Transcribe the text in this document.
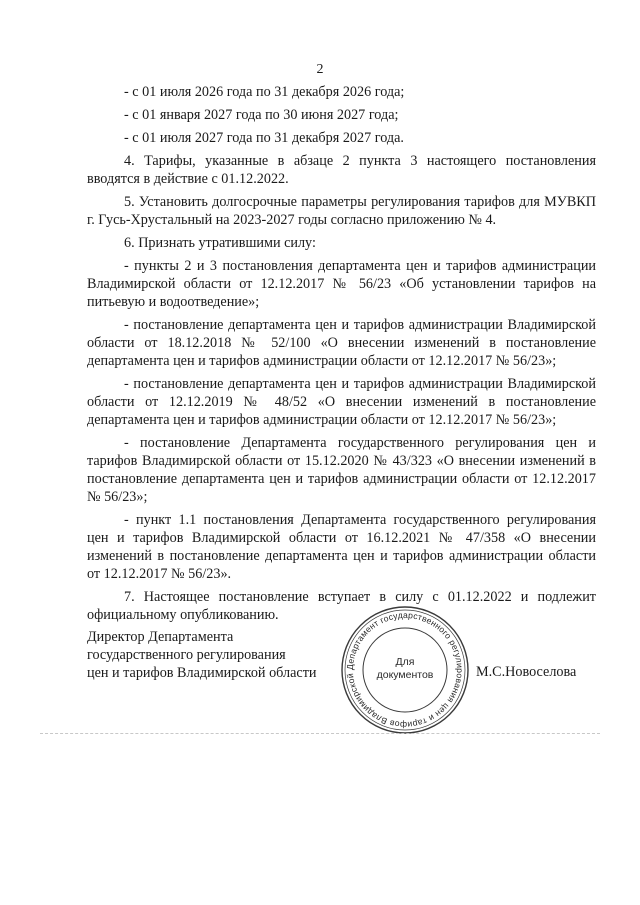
2

- с 01 июля 2026 года по 31 декабря 2026 года;

- с 01 января 2027 года по 30 июня 2027 года;

- с 01 июля 2027 года по 31 декабря 2027 года.

4. Тарифы, указанные в абзаце 2 пункта 3 настоящего постановления вводятся в действие с 01.12.2022.

5. Установить долгосрочные параметры регулирования тарифов для МУВКП г. Гусь-Хрустальный на 2023-2027 годы согласно приложению № 4.

6. Признать утратившими силу:

- пункты 2 и 3 постановления департамента цен и тарифов администрации Владимирской области от 12.12.2017 № 56/23 «Об установлении тарифов на питьевую и водоотведение»;

- постановление департамента цен и тарифов администрации Владимирской области от 18.12.2018 № 52/100 «О внесении изменений в постановление департамента цен и тарифов администрации области от 12.12.2017 № 56/23»;

- постановление департамента цен и тарифов администрации Владимирской области от 12.12.2019 № 48/52 «О внесении изменений в постановление департамента цен и тарифов администрации области от 12.12.2017 № 56/23»;

- постановление Департамента государственного регулирования цен и тарифов Владимирской области от 15.12.2020 № 43/323 «О внесении изменений в постановление департамента цен и тарифов администрации области от 12.12.2017 № 56/23»;

- пункт 1.1 постановления Департамента государственного регулирования цен и тарифов Владимирской области от 16.12.2021 № 47/358 «О внесении изменений в постановление департамента цен и тарифов администрации области от 12.12.2017 № 56/23».

7. Настоящее постановление вступает в силу с 01.12.2022 и подлежит официальному опубликованию.

Директор Департамента
государственного регулирования
цен и тарифов Владимирской области	Департамент государственного регулирования цен и тарифов Владимирской
Для
документов	М.С.Новоселова
